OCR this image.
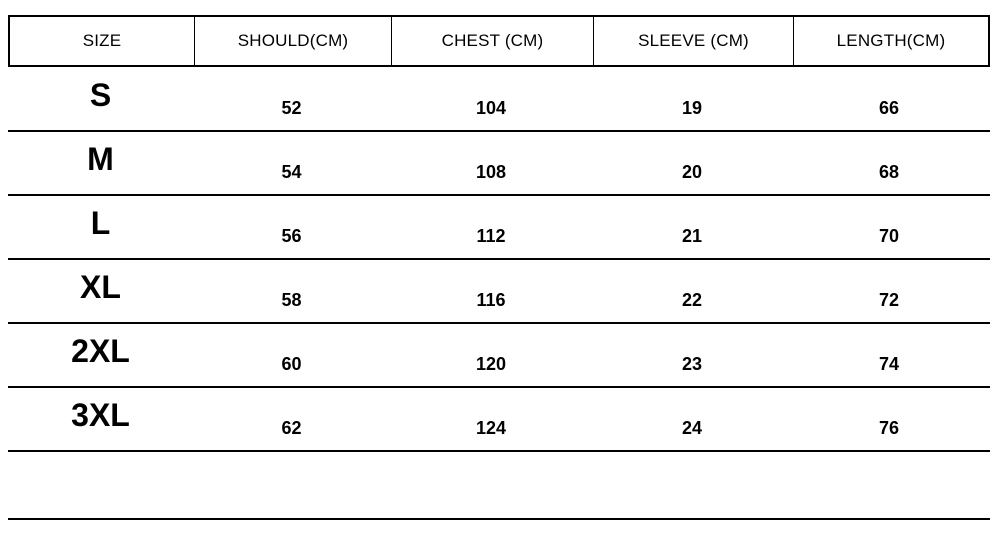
SIZE	SHOULD(CM)	CHEST (CM)	SLEEVE (CM)	LENGTH(CM)
S	52	104	19	66
M	54	108	20	68
L	56	112	21	70
XL	58	116	22	72
2XL	60	120	23	74
3XL	62	124	24	76
